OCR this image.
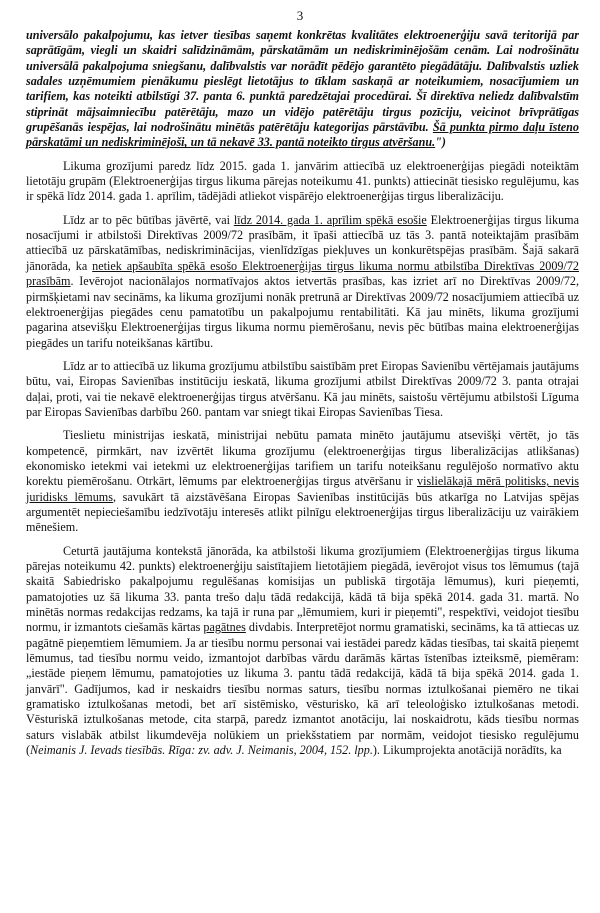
3

universālo pakalpojumu, kas ietver tiesības saņemt konkrētas kvalitātes elektroenerģiju savā teritorijā par saprātīgām, viegli un skaidri salīdzināmām, pārskatāmām un nediskriminējošām cenām. Lai nodrošinātu universālā pakalpojuma sniegšanu, dalībvalstis var norādīt pēdējo garantēto piegādātāju. Dalībvalstis uzliek sadales uzņēmumiem pienākumu pieslēgt lietotājus to tīklam saskaņā ar noteikumiem, nosacījumiem un tarifiem, kas noteikti atbilstīgi 37. panta 6. punktā paredzētajai procedūrai. Šī direktīva neliedz dalībvalstīm stiprināt mājsaimniecību patērētāju, mazo un vidējo patērētāju tirgus pozīciju, veicinot brīvprātīgas grupēšanās iespējas, lai nodrošinātu minētās patērētāju kategorijas pārstāvību. Šā punkta pirmo daļu īsteno pārskatāmi un nediskriminējoši, un tā nekavē 33. pantā noteikto tirgus atvēršanu.")

Likuma grozījumi paredz līdz 2015. gada 1. janvārim attiecībā uz elektroenerģijas piegādi noteiktām lietotāju grupām (Elektroenerģijas tirgus likuma pārejas noteikumu 41. punkts) attiecināt tiesisko regulējumu, kas ir spēkā līdz 2014. gada 1. aprīlim, tādējādi atliekot vispārējo elektroenerģijas tirgus liberalizāciju.

Līdz ar to pēc būtības jāvērtē, vai līdz 2014. gada 1. aprīlim spēkā esošie Elektroenerģijas tirgus likuma nosacījumi ir atbilstoši Direktīvas 2009/72 prasībām, it īpaši attiecībā uz tās 3. pantā noteiktajām prasībām attiecībā uz pārskatāmības, nediskriminācijas, vienlīdzīgas piekļuves un konkurētspējas prasībām. Šajā sakarā jānorāda, ka netiek apšaubīta spēkā esošo Elektroenerģijas tirgus likuma normu atbilstība Direktīvas 2009/72 prasībām. Ievērojot nacionālajos normatīvajos aktos ietvertās prasības, kas izriet arī no Direktīvas 2009/72, pirmšķietami nav secināms, ka likuma grozījumi nonāk pretrunā ar Direktīvas 2009/72 nosacījumiem attiecībā uz elektroenerģijas piegādes cenu pamatotību un pakalpojumu rentabilitāti. Kā jau minēts, likuma grozījumi pagarina atsevišķu Elektroenerģijas tirgus likuma normu piemērošanu, nevis pēc būtības maina elektroenerģijas piegādes un tarifu noteikšanas kārtību.

Līdz ar to attiecībā uz likuma grozījumu atbilstību saistībām pret Eiropas Savienību vērtējamais jautājums būtu, vai, Eiropas Savienības institūciju ieskatā, likuma grozījumi atbilst Direktīvas 2009/72 3. panta otrajai daļai, proti, vai tie nekavē elektroenerģijas tirgus atvēršanu. Kā jau minēts, saistošu vērtējumu atbilstoši Līguma par Eiropas Savienības darbību 260. pantam var sniegt tikai Eiropas Savienības Tiesa.

Tieslietu ministrijas ieskatā, ministrijai nebūtu pamata minēto jautājumu atsevišķi vērtēt, jo tās kompetencē, pirmkārt, nav izvērtēt likuma grozījumu (elektroenerģijas tirgus liberalizācijas atlikšanas) ekonomisko ietekmi vai ietekmi uz elektroenerģijas tarifiem un tarifu noteikšanu regulējošo normatīvo aktu korektu piemērošanu. Otrkārt, lēmums par elektroenerģijas tirgus atvēršanu ir vislielākajā mērā politisks, nevis juridisks lēmums, savukārt tā aizstāvēšana Eiropas Savienības institūcijās būs atkarīga no Latvijas spējas argumentēt nepieciešamību iedzīvotāju interesēs atlikt pilnīgu elektroenerģijas tirgus liberalizāciju uz vairākiem mēnešiem.

Ceturtā jautājuma kontekstā jānorāda, ka atbilstoši likuma grozījumiem (Elektroenerģijas tirgus likuma pārejas noteikumu 42. punkts) elektroenerģiju saistītajiem lietotājiem piegādā, ievērojot visus tos lēmumus (tajā skaitā Sabiedrisko pakalpojumu regulēšanas komisijas un publiskā tirgotāja lēmumus), kuri pieņemti, pamatojoties uz šā likuma 33. panta trešo daļu tādā redakcijā, kādā tā bija spēkā 2014. gada 31. martā. No minētās normas redakcijas redzams, ka tajā ir runa par „lēmumiem, kuri ir pieņemti", respektīvi, veidojot tiesību normu, ir izmantots ciešamās kārtas pagātnes divdabis. Interpretējot normu gramatiski, secināms, ka tā attiecas uz pagātnē pieņemtiem lēmumiem. Ja ar tiesību normu personai vai iestādei paredz kādas tiesības, tai skaitā pieņemt lēmumus, tad tiesību normu veido, izmantojot darbības vārdu darāmās kārtas īstenības izteiksmē, piemēram: „iestāde pieņem lēmumu, pamatojoties uz likuma 3. pantu tādā redakcijā, kādā tā bija spēkā 2014. gada 1. janvārī". Gadījumos, kad ir neskaidrs tiesību normas saturs, tiesību normas iztulkošanai piemēro ne tikai gramatisko iztulkošanas metodi, bet arī sistēmisko, vēsturisko, kā arī teleoloģisko iztulkošanas metodi. Vēsturiskā iztulkošanas metode, cita starpā, paredz izmantot anotāciju, lai noskaidrotu, kāds tiesību normas saturs vislabāk atbilst likumdevēja nolūkiem un priekšstatiem par normām, veidojot tiesisko regulējumu (Neimanis J. Ievads tiesībās. Rīga: zv. adv. J. Neimanis, 2004, 152. lpp.). Likumprojekta anotācijā norādīts, ka
